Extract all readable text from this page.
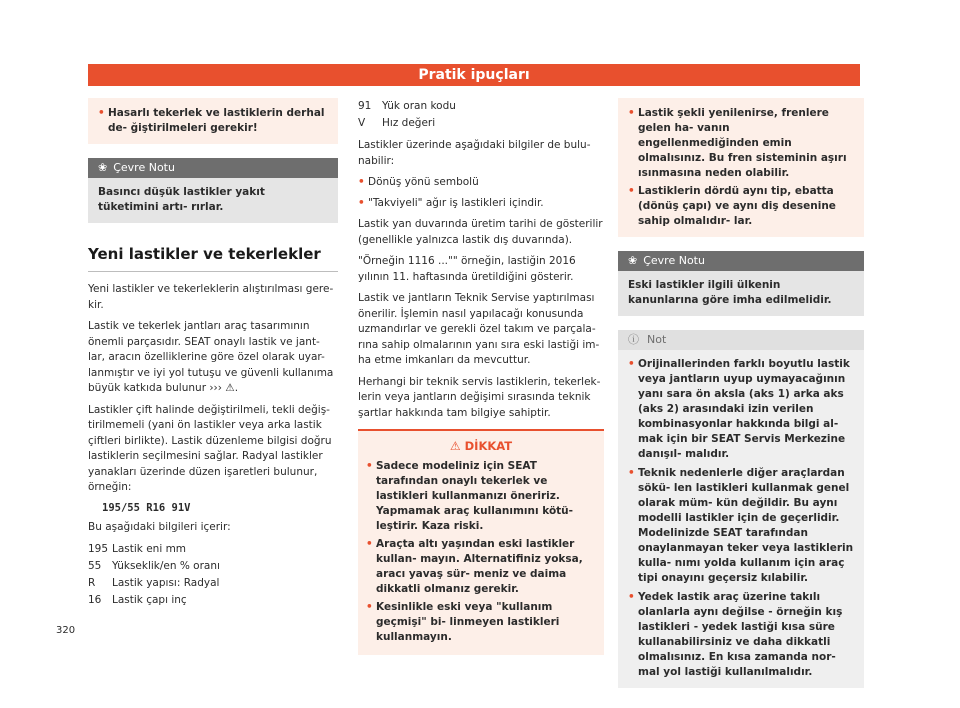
Pratik ipuçları
• Hasarlı tekerlek ve lastiklerin derhal de- ğiştirilmeleri gerekir!
❀ Çevre Notu
Basıncı düşük lastikler yakıt tüketimini artı- rırlar.
Yeni lastikler ve tekerlekler

Yeni lastikler ve tekerleklerin alıştırılması gere- kir.

Lastik ve tekerlek jantları araç tasarımının önemli parçasıdır. SEAT onaylı lastik ve jant- lar, aracın özelliklerine göre özel olarak uyar- lanmıştır ve iyi yol tutuşu ve güvenli kullanıma büyük katkıda bulunur ››› ⚠.

Lastikler çift halinde değiştirilmeli, tekli değiş- tirilmemeli (yani ön lastikler veya arka lastik çiftleri birlikte). Lastik düzenleme bilgisi doğru lastiklerin seçilmesini sağlar. Radyal lastikler yanakları üzerinde düzen işaretleri bulunur, örneğin:

195/55 R16 91V

Bu aşağıdaki bilgileri içerir:

195 Lastik eni mm
55	Yükseklik/en % oranı
R	Lastik yapısı: Radyal
16	Lastik çapı inç
91	Yük oran kodu
V	Hız değeri

Lastikler üzerinde aşağıdaki bilgiler de bulu- nabilir:

• Dönüş yönü sembolü
• "Takviyeli" ağır iş lastikleri içindir.

Lastik yan duvarında üretim tarihi de gösterilir (genellikle yalnızca lastik dış duvarında).

"Örneğin 1116 ..."" örneğin, lastiğin 2016 yılının 11. haftasında üretildiğini gösterir.

Lastik ve jantların Teknik Servise yaptırılması önerilir. İşlemin nasıl yapılacağı konusunda uzmandırlar ve gerekli özel takım ve parçala- rına sahip olmalarının yanı sıra eski lastiği im- ha etme imkanları da mevcuttur.

Herhangi bir teknik servis lastiklerin, tekerlek- lerin veya jantların değişimi sırasında teknik şartlar hakkında tam bilgiye sahiptir.

⚠ DİKKAT
• Sadece modeliniz için SEAT tarafından onaylı tekerlek ve lastikleri kullanmanızı öneririz. Yapmamak araç kullanımını kötü- leştirir. Kaza riski.
• Araçta altı yaşından eski lastikler kullan- mayın. Alternatifiniz yoksa, aracı yavaş sür- meniz ve daima dikkatli olmanız gerekir.
• Kesinlikle eski veya "kullanım geçmişi" bi- linmeyen lastikleri kullanmayın.
• Lastik şekli yenilenirse, frenlere gelen ha- vanın engellenmediğinden emin olmalısınız. Bu fren sisteminin aşırı ısınmasına neden olabilir.
• Lastiklerin dördü aynı tip, ebatta (dönüş çapı) ve aynı diş desenine sahip olmalıdır- lar.
❀ Çevre Notu
Eski lastikler ilgili ülkenin kanunlarına göre imha edilmelidir.
ⓘ Not
• Orijinallerinden farklı boyutlu lastik veya jantların uyup uymayacağının yanı sara ön aksla (aks 1) arka aks (aks 2) arasındaki izin verilen kombinasyonlar hakkında bilgi al- mak için bir SEAT Servis Merkezine danışıl- malıdır.
• Teknik nedenlerle diğer araçlardan sökü- len lastikleri kullanmak genel olarak müm- kün değildir. Bu aynı modelli lastikler için de geçerlidir. Modelinizde SEAT tarafından onaylanmayan teker veya lastiklerin kulla- nımı yolda kullanım için araç tipi onayını geçersiz kılabilir.
• Yedek lastik araç üzerine takılı olanlarla aynı değilse - örneğin kış lastikleri - yedek lastiği kısa süre kullanabilirsiniz ve daha dikkatli olmalısınız. En kısa zamanda nor- mal yol lastiği kullanılmalıdır.
320
